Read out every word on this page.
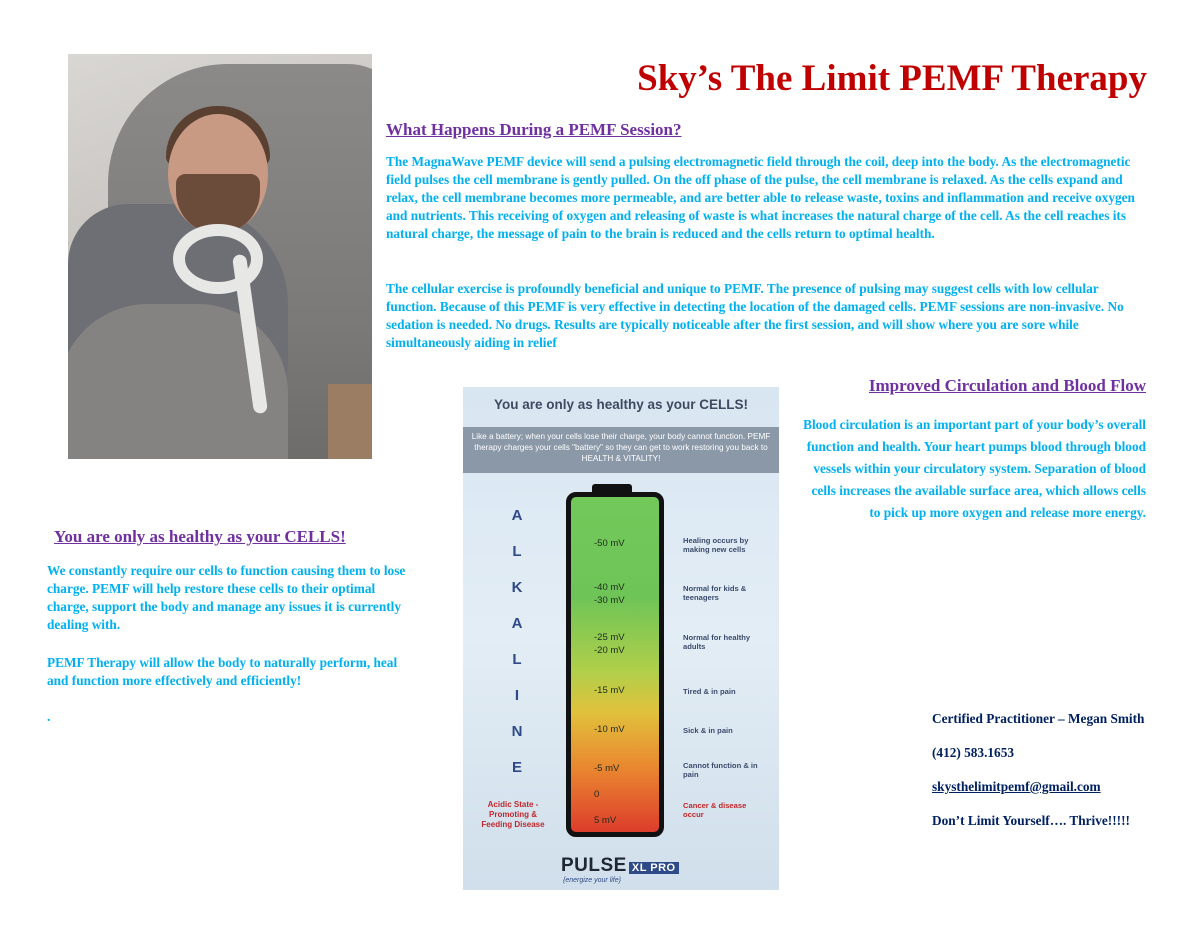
Sky’s The Limit PEMF Therapy
What Happens During a PEMF Session?
The MagnaWave PEMF device will send a pulsing electromagnetic field through the coil, deep into the body. As the electromagnetic field pulses the cell membrane is gently pulled. On the off phase of the pulse, the cell membrane is relaxed. As the cells expand and relax, the cell membrane becomes more permeable, and are better able to release waste, toxins and inflammation and receive oxygen and nutrients. This receiving of oxygen and releasing of waste is what increases the natural charge of the cell. As the cell reaches its natural charge, the message of pain to the brain is reduced and the cells return to optimal health.
The cellular exercise is profoundly beneficial and unique to PEMF. The presence of pulsing may suggest cells with low cellular function. Because of this PEMF is very effective in detecting the location of the damaged cells. PEMF sessions are non-invasive. No sedation is needed. No drugs. Results are typically noticeable after the first session, and will show where you are sore while simultaneously aiding in relief
Improved Circulation and Blood Flow
Blood circulation is an important part of your body’s overall function and health. Your heart pumps blood through blood vessels within your circulatory system. Separation of blood cells increases the available surface area, which allows cells to pick up more oxygen and release more energy.
You are only as healthy as your CELLS!
We constantly require our cells to function causing them to lose charge. PEMF will help restore these cells to their optimal charge, support the body and manage any issues it is currently dealing with.
PEMF Therapy will allow the body to naturally perform, heal and function more effectively and efficiently!
.	Certified Practitioner – Megan Smith
(412) 583.1653
skysthelimitpemf@gmail.com
Don’t Limit Yourself…. Thrive!!!!!
You are only as healthy as your CELLS!
Like a battery; when your cells lose their charge, your body cannot function. PEMF therapy charges your cells "battery" so they can get to work restoring you back to HEALTH & VITALITY!
A
L
K
A
L
I
N
E
-50 mV
-40 mV
-30 mV
-25 mV
-20 mV
-15 mV
-10 mV
-5 mV
0
5 mV
Healing occurs by making new cells
Normal for kids & teenagers
Normal for healthy adults
Tired & in pain
Sick & in pain
Cannot function & in pain
Cancer & disease occur
Acidic State - Promoting & Feeding Disease
PULSE XL PRO
{energize your life}
